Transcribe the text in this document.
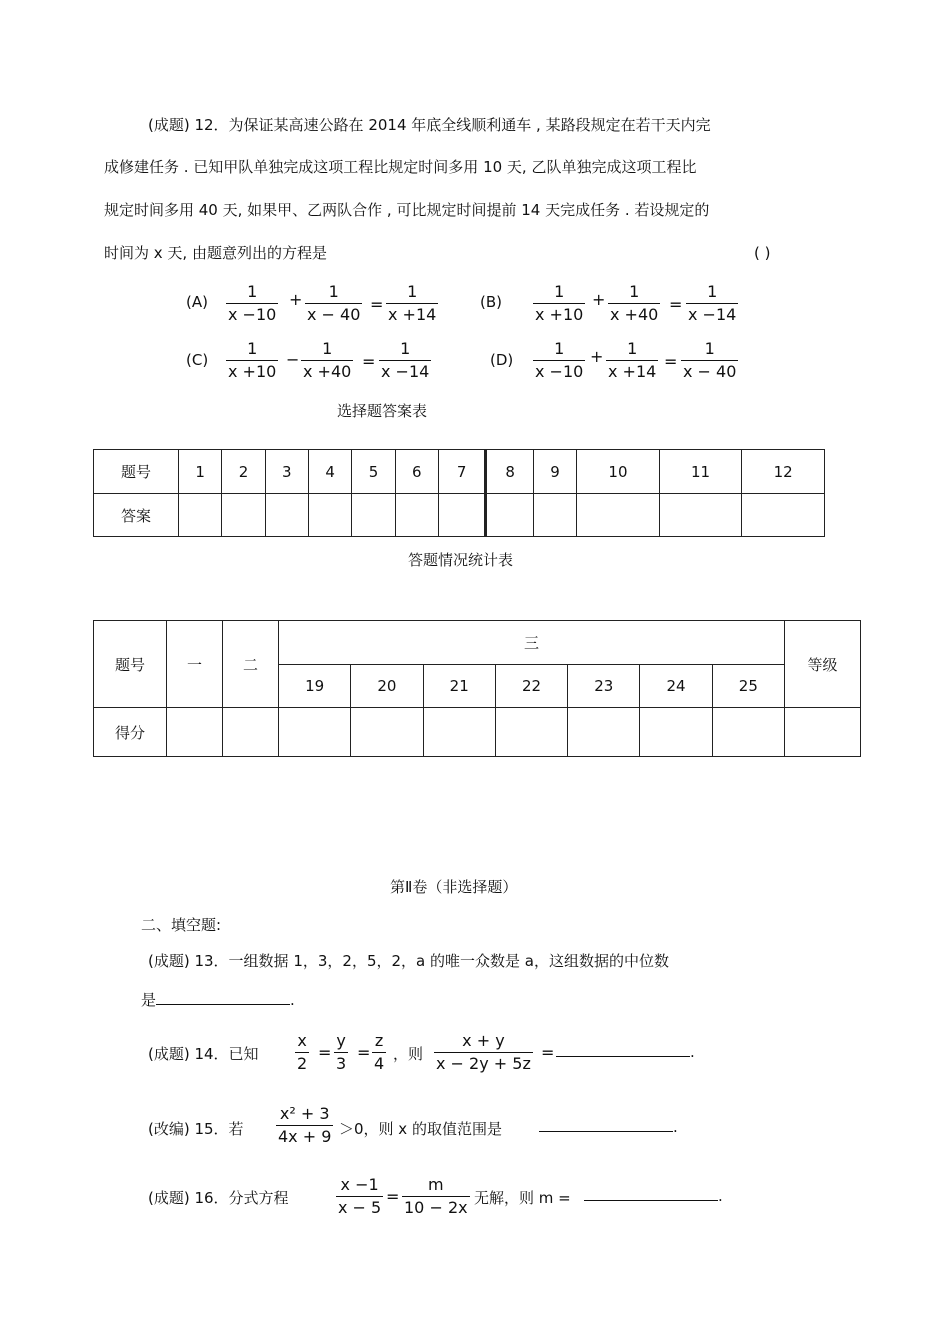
(成题) 12．为保证某高速公路在 2014 年底全线顺利通车 , 某路段规定在若干天内完
成修建任务 . 已知甲队单独完成这项工程比规定时间多用 10 天, 乙队单独完成这项工程比
规定时间多用 40 天, 如果甲、乙两队合作 , 可比规定时间提前 14 天完成任务 . 若设规定的
时间为 x 天, 由题意列出的方程是	( )
$(A) \frac{1}{x -10} + \frac{1}{x - 40} = \frac{1}{x +14}$	$(B) \frac{1}{x +10} + \frac{1}{x +40} = \frac{1}{x -14}$
$(C) \frac{1}{x +10} - \frac{1}{x +40} = \frac{1}{x -14}$	$(D) \frac{1}{x -10} + \frac{1}{x +14} = \frac{1}{x - 40}$
选择题答案表
题号	1	2	3	4	5	6	7	8	9	10	11	12
答案												
答题情况统计表
题号	一	二	三							等级
			19	20	21	22	23	24	25	
得分										
第Ⅱ卷（非选择题）
二、填空题:
(成题) 13．一组数据 1，3，2，5，2，a 的唯一众数是 a，这组数据的中位数
是	.
(成题) 14．已知 $\frac{x}{2} = \frac{y}{3} = \frac{z}{4}$ ，则 $\frac{x + y}{x - 2y + 5z}$ =	.
(改编) 15．若 $\frac{\text{x² + 3}}{4x + 9} >0$，则 x 的取值范围是	.
(成题) 16．分式方程	$\frac{x -1}{x - 5} = \frac{m}{10 - 2x}$ 无解，则 m =	.
